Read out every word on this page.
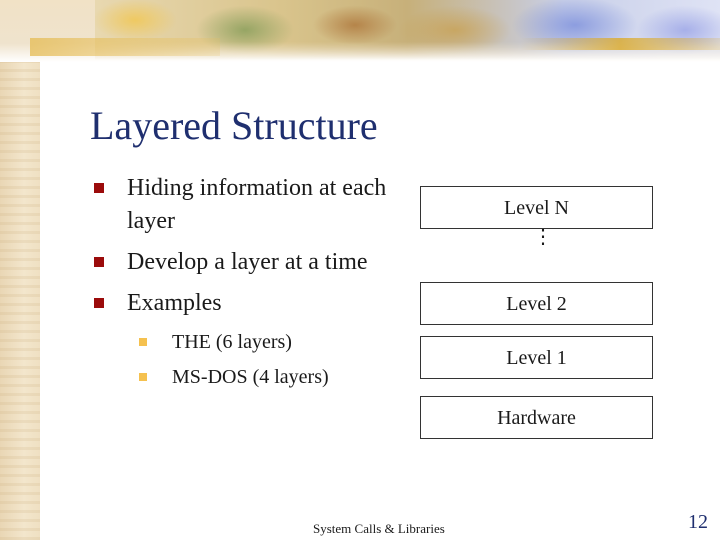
Layered Structure
Hiding information at each layer
Develop a layer at a time
Examples
THE (6 layers)
MS-DOS (4 layers)
Level N
⋮
Level 2
Level 1
Hardware
System Calls & Libraries	12
